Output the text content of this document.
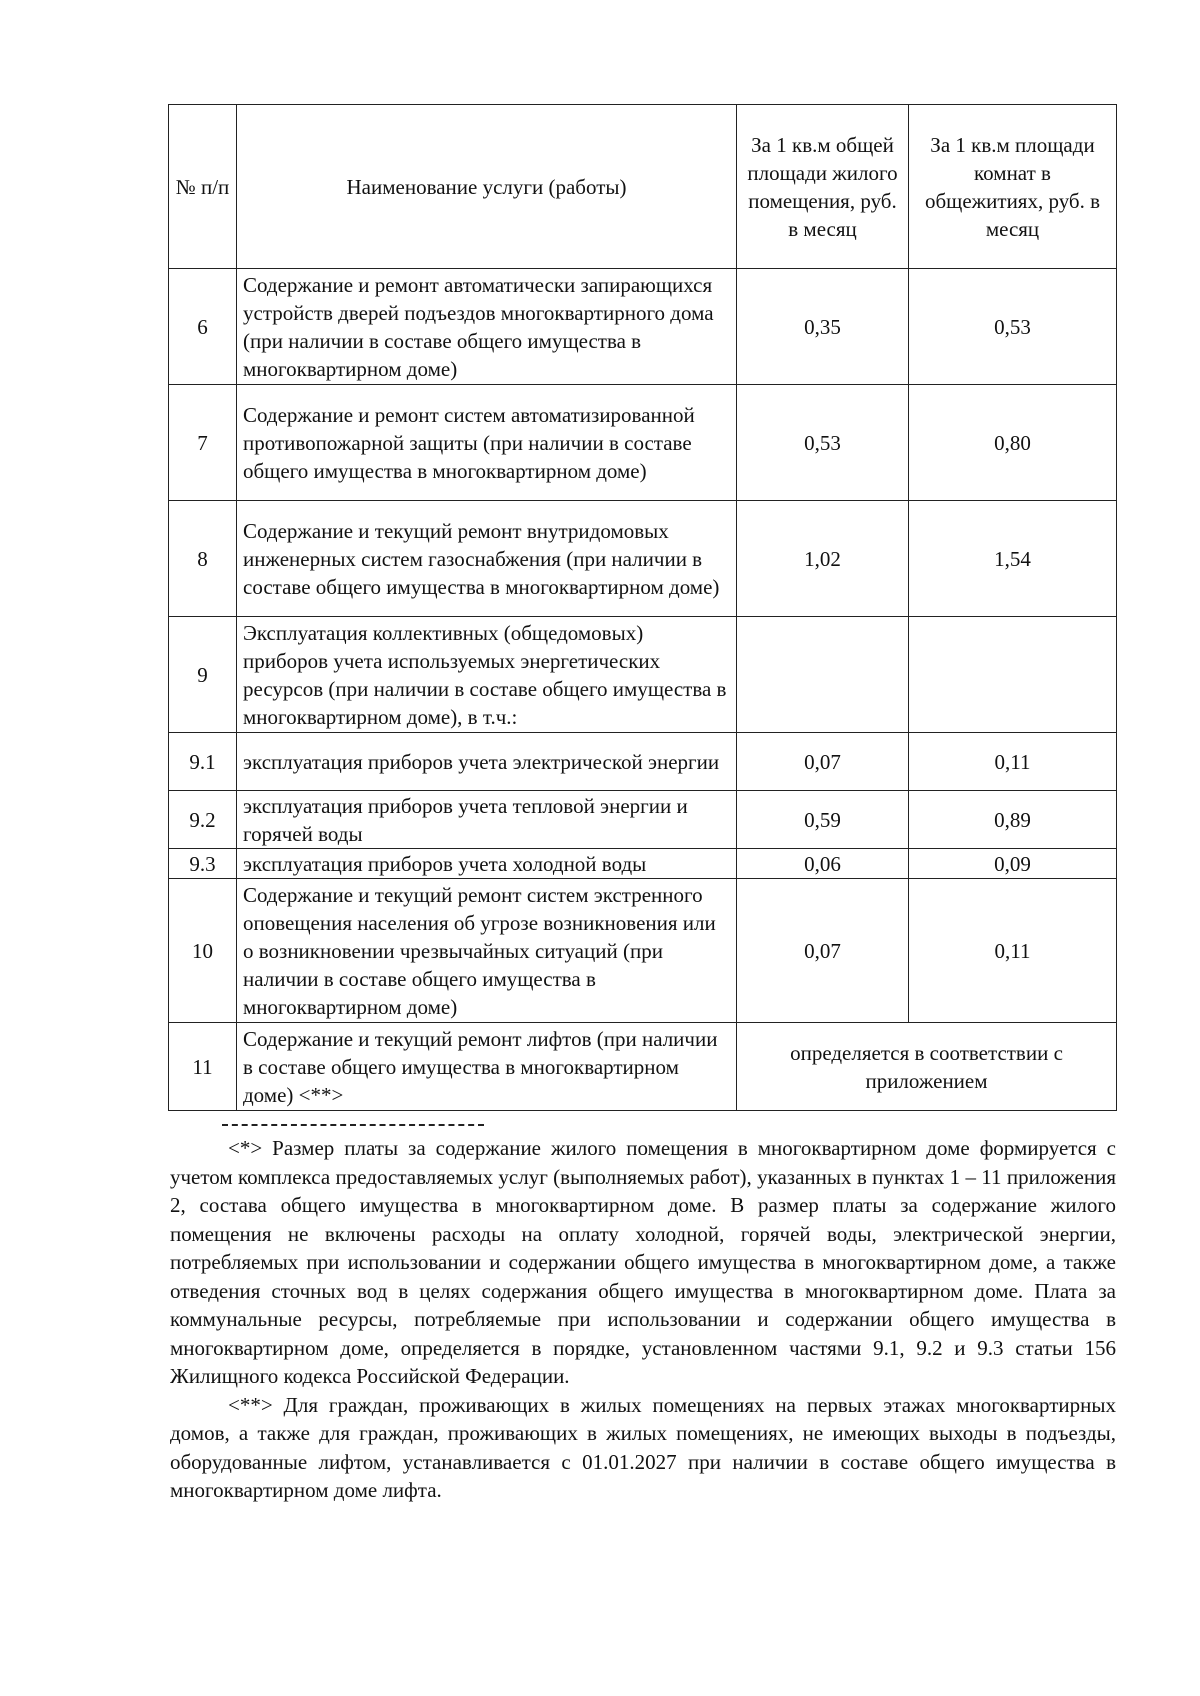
№ п/п	Наименование услуги (работы)	За 1 кв.м общей площади жилого помещения, руб. в месяц	За 1 кв.м площади комнат в общежитиях, руб. в месяц
6	Содержание и ремонт автоматически запирающихся устройств дверей подъездов многоквартирного дома (при наличии в составе общего имущества в многоквартирном доме)	0,35	0,53
7	Содержание и ремонт систем автоматизированной противопожарной защиты (при наличии в составе общего имущества в многоквартирном доме)	0,53	0,80
8	Содержание и текущий ремонт внутридомовых инженерных систем газоснабжения (при наличии в составе общего имущества в многоквартирном доме)	1,02	1,54
9	Эксплуатация коллективных (общедомовых) приборов учета используемых энергетических ресурсов (при наличии в составе общего имущества в многоквартирном доме), в т.ч.:		
9.1	эксплуатация приборов учета электрической энергии	0,07	0,11
9.2	эксплуатация приборов учета тепловой энергии и горячей воды	0,59	0,89
9.3	эксплуатация приборов учета холодной воды	0,06	0,09
10	Содержание и текущий ремонт систем экстренного оповещения населения об угрозе возникновения или о возникновении чрезвычайных ситуаций (при наличии в составе общего имущества в многоквартирном доме)	0,07	0,11
11	Содержание и текущий ремонт лифтов (при наличии в составе общего имущества в многоквартирном доме) <**>	определяется в соответствии с приложением	

<*> Размер платы за содержание жилого помещения в многоквартирном доме формируется с учетом комплекса предоставляемых услуг (выполняемых работ), указанных в пунктах 1 – 11 приложения 2, состава общего имущества в многоквартирном доме. В размер платы за содержание жилого помещения не включены расходы на оплату холодной, горячей воды, электрической энергии, потребляемых при использовании и содержании общего имущества в многоквартирном доме, а также отведения сточных вод в целях содержания общего имущества в многоквартирном доме. Плата за коммунальные ресурсы, потребляемые при использовании и содержании общего имущества в многоквартирном доме, определяется в порядке, установленном частями 9.1, 9.2 и 9.3 статьи 156 Жилищного кодекса Российской Федерации.

<**> Для граждан, проживающих в жилых помещениях на первых этажах многоквартирных домов, а также для граждан, проживающих в жилых помещениях, не имеющих выходы в подъезды, оборудованные лифтом, устанавливается с 01.01.2027 при наличии в составе общего имущества в многоквартирном доме лифта.
